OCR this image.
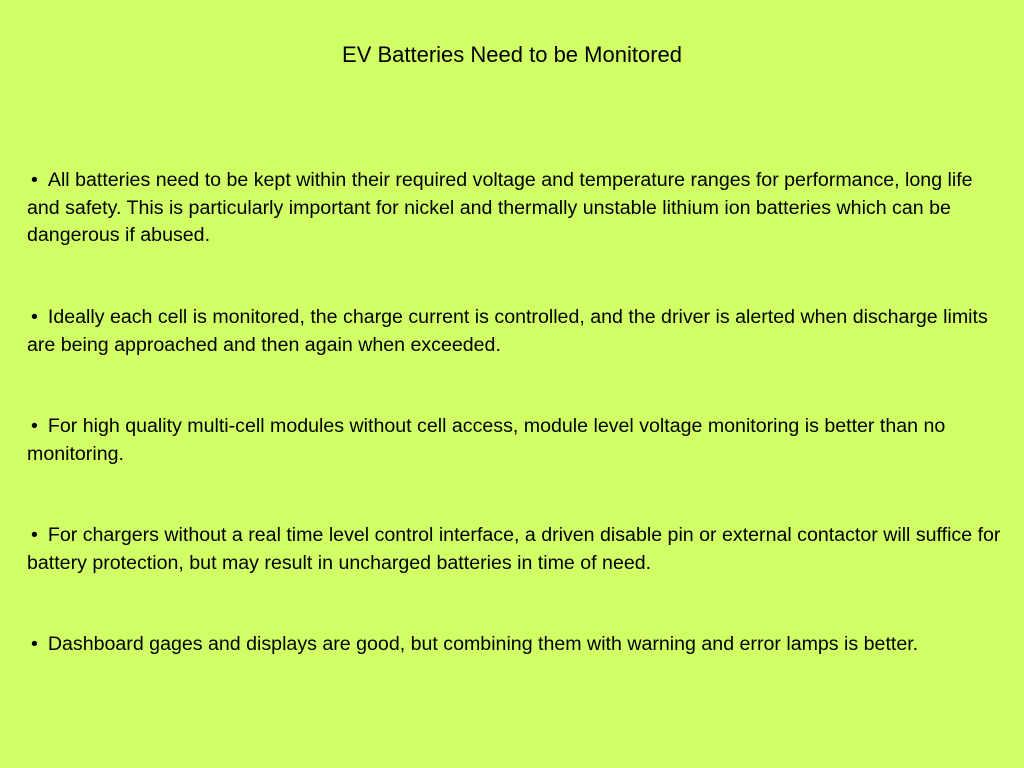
EV Batteries Need to be Monitored
• All batteries need to be kept within their required voltage and temperature ranges for performance, long life and safety. This is particularly important for nickel and thermally unstable lithium ion batteries which can be dangerous if abused.
• Ideally each cell is monitored, the charge current is controlled, and the driver is alerted when discharge limits are being approached and then again when exceeded.
• For high quality multi-cell modules without cell access, module level voltage monitoring is better than no monitoring.
• For chargers without a real time level control interface, a driven disable pin or external contactor will suffice for battery protection, but may result in uncharged batteries in time of need.
• Dashboard gages and displays are good, but combining them with warning and error lamps is better.
